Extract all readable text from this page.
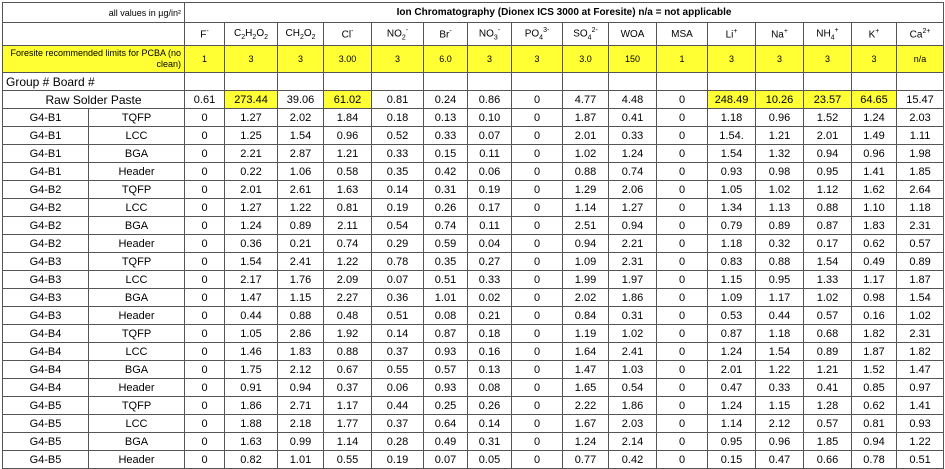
all values in µg/in²		Ion Chromatography (Dionex ICS 3000 at Foresite) n/a = not applicable															
		F-	$C_2H_2O_2$	$CH_2O_2$	Cl-	$NO_2^-$	Br-	$NO_3^-$	$PO_4^{3-}$	$SO_4^{2-}$	WOA	MSA	Li+	Na+	$NH_4^+$	K+	$Ca^{2+}$
Foresite recommended limits for PCBA (no clean)		1	3	3	3.00	3	6.0	3	3	3.0	150	1	3	3	3	3	n/a
Group # Board #																	
Raw Solder Paste		0.61	273.44	39.06	61.02	0.81	0.24	0.86	0	4.77	4.48	0	248.49	10.26	23.57	64.65	15.47
G4-B1	TQFP	0	1.27	2.02	1.84	0.18	0.13	0.10	0	1.87	0.41	0	1.18	0.96	1.52	1.24	2.03
G4-B1	LCC	0	1.25	1.54	0.96	0.52	0.33	0.07	0	2.01	0.33	0	1.54.	1.21	2.01	1.49	1.11
G4-B1	BGA	0	2.21	2.87	1.21	0.33	0.15	0.11	0	1.02	1.24	0	1.54	1.32	0.94	0.96	1.98
G4-B1	Header	0	0.22	1.06	0.58	0.35	0.42	0.06	0	0.88	0.74	0	0.93	0.98	0.95	1.41	1.85
G4-B2	TQFP	0	2.01	2.61	1.63	0.14	0.31	0.19	0	1.29	2.06	0	1.05	1.02	1.12	1.62	2.64
G4-B2	LCC	0	1.27	1.22	0.81	0.19	0.26	0.17	0	1.14	1.27	0	1.34	1.13	0.88	1.10	1.18
G4-B2	BGA	0	1.24	0.89	2.11	0.54	0.74	0.11	0	2.51	0.94	0	0.79	0.89	0.87	1.83	2.31
G4-B2	Header	0	0.36	0.21	0.74	0.29	0.59	0.04	0	0.94	2.21	0	1.18	0.32	0.17	0.62	0.57
G4-B3	TQFP	0	1.54	2.41	1.22	0.78	0.35	0.27	0	1.09	2.31	0	0.83	0.88	1.54	0.49	0.89
G4-B3	LCC	0	2.17	1.76	2.09	0.07	0.51	0.33	0	1.99	1.97	0	1.15	0.95	1.33	1.17	1.87
G4-B3	BGA	0	1.47	1.15	2.27	0.36	1.01	0.02	0	2.02	1.86	0	1.09	1.17	1.02	0.98	1.54
G4-B3	Header	0	0.44	0.88	0.48	0.51	0.08	0.21	0	0.84	0.31	0	0.53	0.44	0.57	0.16	1.02
G4-B4	TQFP	0	1.05	2.86	1.92	0.14	0.87	0.18	0	1.19	1.02	0	0.87	1.18	0.68	1.82	2.31
G4-B4	LCC	0	1.46	1.83	0.88	0.37	0.93	0.16	0	1.64	2.41	0	1.24	1.54	0.89	1.87	1.82
G4-B4	BGA	0	1.75	2.12	0.67	0.55	0.57	0.13	0	1.47	1.03	0	2.01	1.22	1.21	1.52	1.47
G4-B4	Header	0	0.91	0.94	0.37	0.06	0.93	0.08	0	1.65	0.54	0	0.47	0.33	0.41	0.85	0.97
G4-B5	TQFP	0	1.86	2.71	1.17	0.44	0.25	0.26	0	2.22	1.86	0	1.24	1.15	1.28	0.62	1.41
G4-B5	LCC	0	1.88	2.18	1.77	0.37	0.64	0.14	0	1.67	2.03	0	1.14	2.12	0.57	0.81	0.93
G4-B5	BGA	0	1.63	0.99	1.14	0.28	0.49	0.31	0	1.24	2.14	0	0.95	0.96	1.85	0.94	1.22
G4-B5	Header	0	0.82	1.01	0.55	0.19	0.07	0.05	0	0.77	0.42	0	0.15	0.47	0.66	0.78	0.51
